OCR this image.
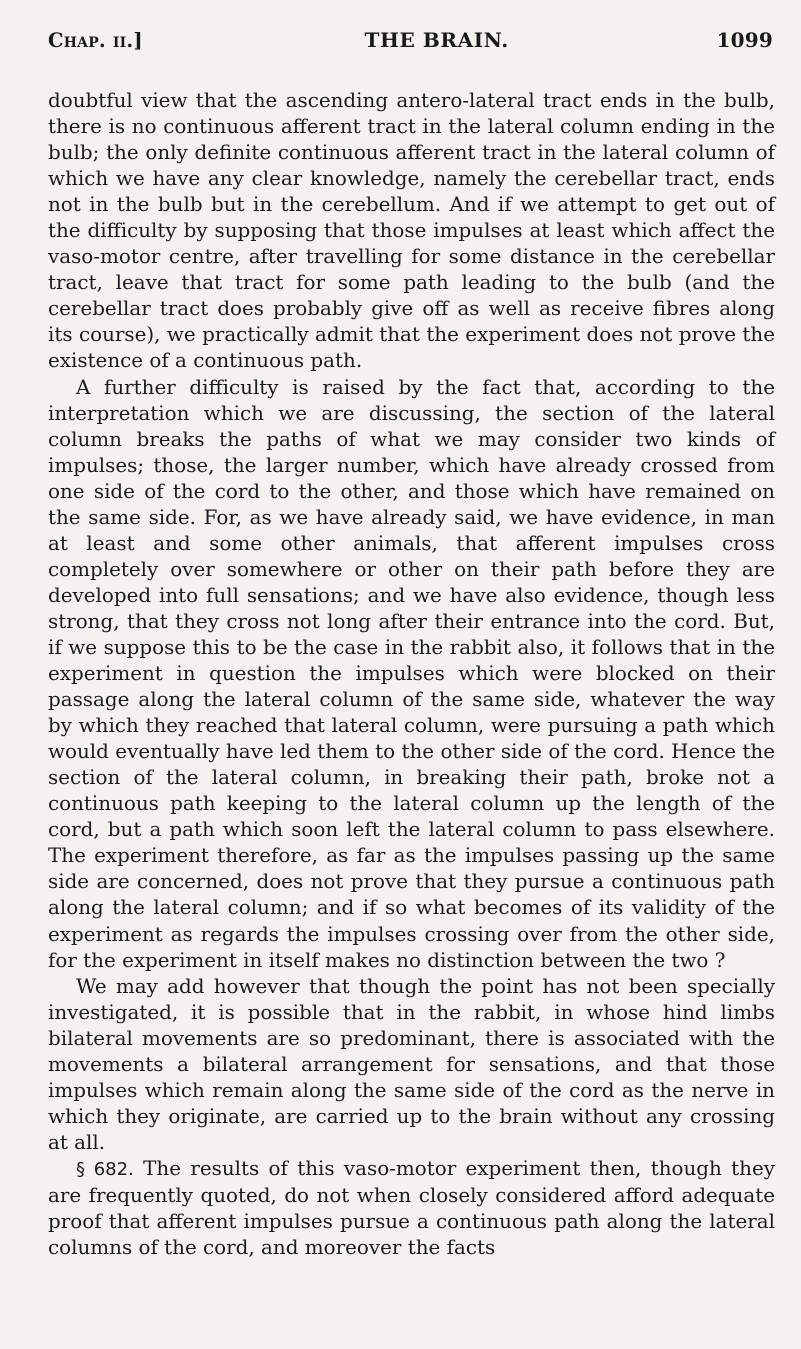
Chap. ii.]	THE BRAIN.	1099

doubtful view that the ascending antero-lateral tract ends in the bulb, there is no continuous afferent tract in the lateral column ending in the bulb; the only definite continuous afferent tract in the lateral column of which we have any clear knowledge, namely the cerebellar tract, ends not in the bulb but in the cerebellum. And if we attempt to get out of the difficulty by supposing that those impulses at least which affect the vaso-motor centre, after travelling for some distance in the cerebellar tract, leave that tract for some path leading to the bulb (and the cerebellar tract does probably give off as well as receive fibres along its course), we practically admit that the experiment does not prove the existence of a continuous path.

A further difficulty is raised by the fact that, according to the interpretation which we are discussing, the section of the lateral column breaks the paths of what we may consider two kinds of impulses; those, the larger number, which have already crossed from one side of the cord to the other, and those which have remained on the same side. For, as we have already said, we have evidence, in man at least and some other animals, that afferent impulses cross completely over somewhere or other on their path before they are developed into full sensations; and we have also evidence, though less strong, that they cross not long after their entrance into the cord. But, if we suppose this to be the case in the rabbit also, it follows that in the experiment in question the impulses which were blocked on their passage along the lateral column of the same side, whatever the way by which they reached that lateral column, were pursuing a path which would eventually have led them to the other side of the cord. Hence the section of the lateral column, in breaking their path, broke not a continuous path keeping to the lateral column up the length of the cord, but a path which soon left the lateral column to pass elsewhere. The experiment therefore, as far as the impulses passing up the same side are concerned, does not prove that they pursue a continuous path along the lateral column; and if so what becomes of its validity of the experiment as regards the impulses crossing over from the other side, for the experiment in itself makes no distinction between the two ?

We may add however that though the point has not been specially investigated, it is possible that in the rabbit, in whose hind limbs bilateral movements are so predominant, there is associated with the movements a bilateral arrangement for sensations, and that those impulses which remain along the same side of the cord as the nerve in which they originate, are carried up to the brain without any crossing at all.

§ 682. The results of this vaso-motor experiment then, though they are frequently quoted, do not when closely considered afford adequate proof that afferent impulses pursue a continuous path along the lateral columns of the cord, and moreover the facts
